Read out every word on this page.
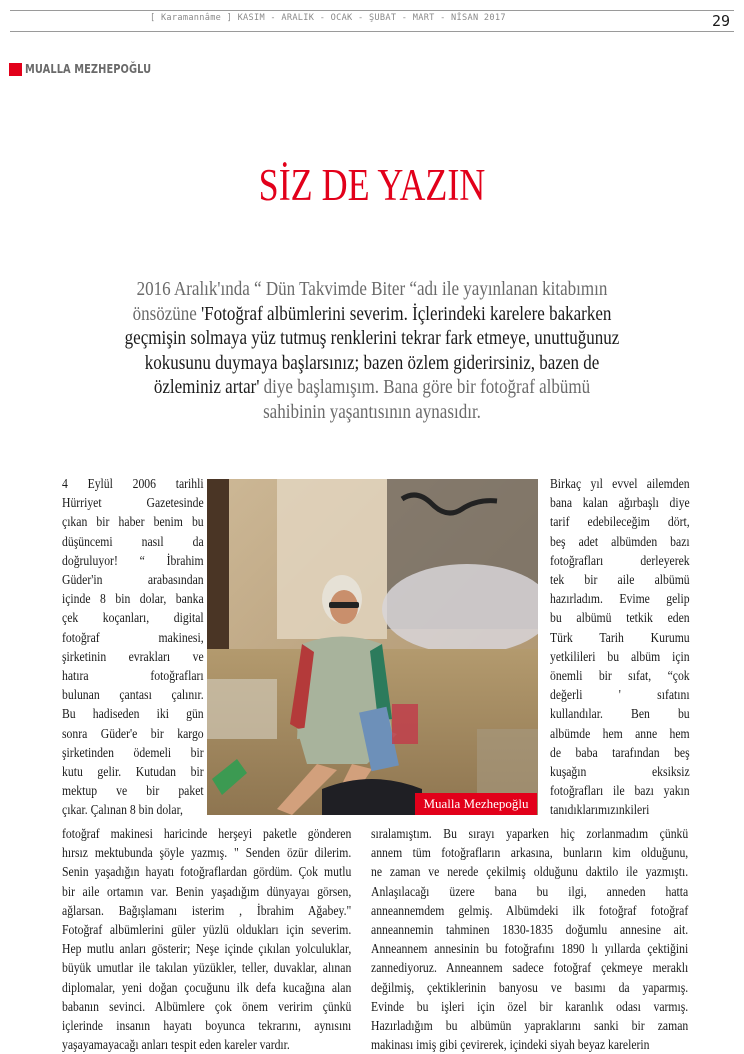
[ Karamannâme ] KASIM - ARALIK - OCAK - ŞUBAT - MART - NİSAN 2017	29
MUALLA MEZHEPOĞLU
SİZ DE YAZIN
2016 Aralık'ında “ Dün Takvimde Biter “adı ile yayınlanan kitabımın
önsözüne 'Fotoğraf albümlerini severim. İçlerindeki karelere bakarken
geçmişin solmaya yüz tutmuş renklerini tekrar fark etmeye, unuttuğunuz
kokusunu duymaya başlarsınız; bazen özlem giderirsiniz, bazen de
özleminiz artar' diye başlamışım. Bana göre bir fotoğraf albümü
sahibinin yaşantısının aynasıdır.
4 Eylül 2006 tarihli
Hürriyet Gazetesinde
çıkan bir haber benim bu
düşüncemi nasıl da
doğruluyor! “ İbrahim
Güder'in arabasından
içinde 8 bin dolar, banka
çek koçanları, digital
fotoğraf makinesi,
şirketinin evrakları ve
hatıra fotoğrafları
bulunan çantası çalınır.
Bu hadiseden iki gün
sonra Güder'e bir kargo
şirketinden ödemeli bir
kutu gelir. Kutudan bir
mektup ve bir paket
çıkar. Çalınan 8 bin dolar,	Mualla Mezhepoğlu
Birkaç yıl evvel ailemden
bana kalan ağırbaşlı diye
tarif edebileceğim dört,
beş adet albümden bazı
fotoğrafları derleyerek
tek bir aile albümü
hazırladım. Evime gelip
bu albümü tetkik eden
Türk Tarih Kurumu
yetkilileri bu albüm için
önemli bir sıfat, “çok
değerli ' sıfatını
kullandılar. Ben bu
albümde hem anne hem
de baba tarafından beş
kuşağın eksiksiz
fotoğrafları ile bazı yakın
tanıdıklarımızınkileri
fotoğraf makinesi haricinde herşeyi paketle gönderen
hırsız mektubunda şöyle yazmış. " Senden özür dilerim.
Senin yaşadığın hayatı fotoğraflardan gördüm. Çok mutlu
bir aile ortamın var. Benin yaşadığım dünyayaı görsen,
ağlarsan. Bağışlamanı isterim , İbrahim Ağabey."
Fotoğraf albümlerini güler yüzlü oldukları için severim.
Hep mutlu anları gösterir; Neşe içinde çıkılan yolculuklar,
büyük umutlar ile takılan yüzükler, teller, duvaklar, alınan
diplomalar, yeni doğan çocuğunu ilk defa kucağına alan
babanın sevinci. Albümlere çok önem veririm çünkü
içlerinde insanın hayatı boyunca tekrarını, aynısını
yaşayamayacağı anları tespit eden kareler vardır.
sıralamıştım. Bu sırayı yaparken hiç zorlanmadım çünkü
annem tüm fotoğrafların arkasına, bunların kim olduğunu,
ne zaman ve nerede çekilmiş olduğunu daktilo ile yazmıştı.
Anlaşılacağı üzere bana bu ilgi, anneden hatta
anneannemdem gelmiş. Albümdeki ilk fotoğraf fotoğraf
anneannemin tahminen 1830-1835 doğumlu annesine ait.
Anneannem annesinin bu fotoğrafını 1890 lı yıllarda çektiğini
zannediyoruz. Anneannem sadece fotoğraf çekmeye meraklı
değilmiş, çektiklerinin banyosu ve basımı da yaparmış.
Evinde bu işleri için özel bir karanlık odası varmış.
Hazırladığım bu albümün yapraklarını sanki bir zaman
makinası imiş gibi çevirerek, içindeki siyah beyaz karelerin
